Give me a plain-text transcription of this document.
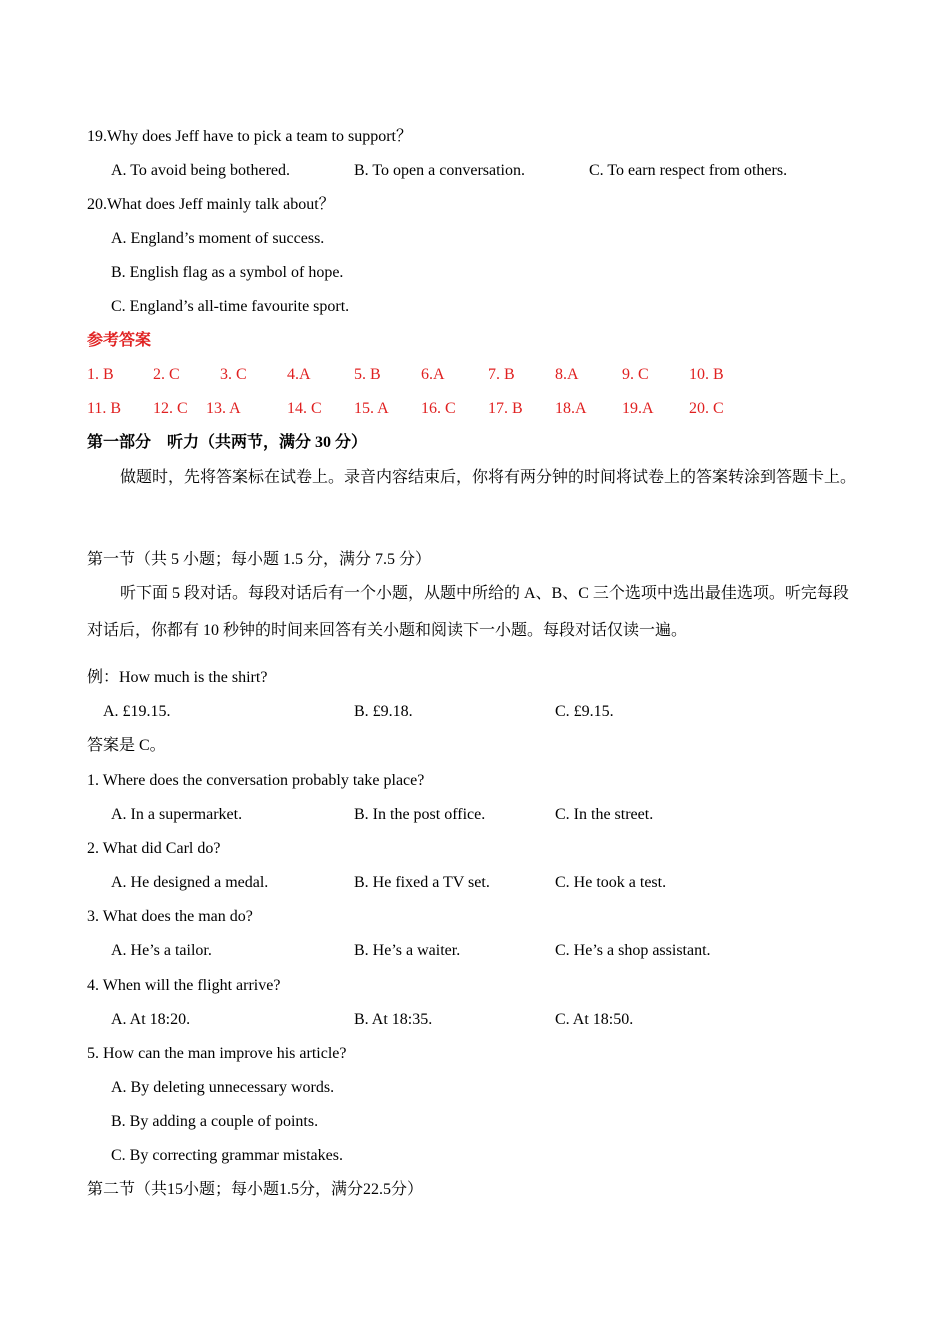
19.Why does Jeff have to pick a team to support？
A. To avoid being bothered.	B. To open a conversation.	C. To earn respect from others.
20.What does Jeff mainly talk about？
A. England’s moment of success.
B. English flag as a symbol of hope.
C. England’s all-time favourite sport.
参考答案
1. B 2. C	3. C	4.A	5. B	6.A	7. B	8.A	9. C	10. B
11. B 12. C 13. A	14. C 15. A 16. C 17. B 18.A 19.A 20. C
第一部分　听力（共两节，满分 30 分）
做题时，先将答案标在试卷上。录音内容结束后，你将有两分钟的时间将试卷上的答案转涂到答题卡上。
第一节（共 5 小题；每小题 1.5 分，满分 7.5 分）
听下面 5 段对话。每段对话后有一个小题，从题中所给的 A、B、C 三个选项中选出最佳选项。听完每段对话后，你都有 10 秒钟的时间来回答有关小题和阅读下一小题。每段对话仅读一遍。
例：How much is the shirt?
A. £19.15.	B. £9.18.	C. £9.15.
答案是 C。
1. Where does the conversation probably take place?
A. In a supermarket.	B. In the post office.	C. In the street.
2. What did Carl do?
A. He designed a medal.	B. He fixed a TV set.	C. He took a test.
3. What does the man do?
A. He’s a tailor.	B. He’s a waiter.	C. He’s a shop assistant.
4. When will the flight arrive?
A. At 18:20.	B. At 18:35.	C. At 18:50.
5. How can the man improve his article?
A. By deleting unnecessary words.
B. By adding a couple of points.
C. By correcting grammar mistakes.
第二节（共15小题；每小题1.5分，满分22.5分）
